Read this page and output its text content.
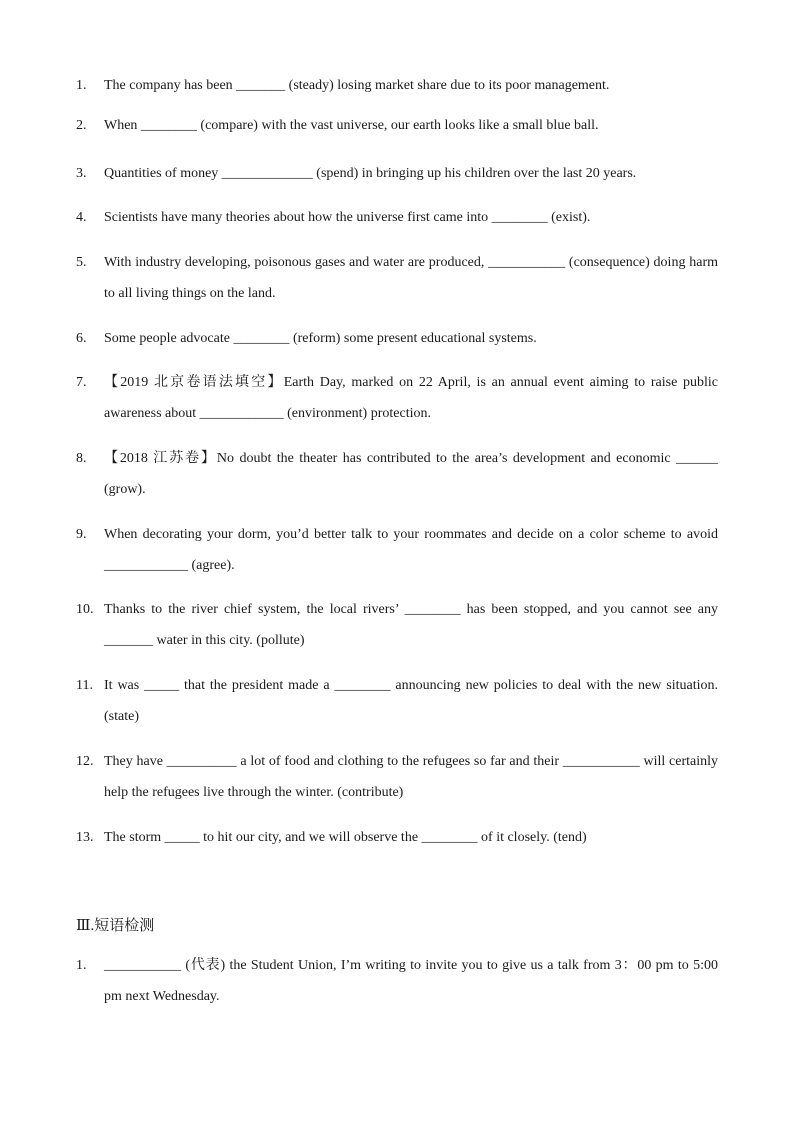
1.	The company has been _______ (steady) losing market share due to its poor management.
2.	When ________ (compare) with the vast universe, our earth looks like a small blue ball.
3.	Quantities of money _____________ (spend) in bringing up his children over the last 20 years.
4.	Scientists have many theories about how the universe first came into ________ (exist).
5.	With industry developing, poisonous gases and water are produced, ___________ (consequence) doing harm to all living things on the land.
6.	Some people advocate ________ (reform) some present educational systems.
7.	【2019 北京卷语法填空】Earth Day, marked on 22 April, is an annual event aiming to raise public awareness about ____________ (environment) protection.
8.	【2018 江苏卷】No doubt the theater has contributed to the area’s development and economic ______ (grow).
9.	When decorating your dorm, you’d better talk to your roommates and decide on a color scheme to avoid ____________ (agree).
10. Thanks to the river chief system, the local rivers’ ________ has been stopped, and you cannot see any _______ water in this city. (pollute)
11. It was _____ that the president made a ________ announcing new policies to deal with the new situation. (state)
12. They have __________ a lot of food and clothing to the refugees so far and their ___________ will certainly help the refugees live through the winter. (contribute)
13. The storm _____ to hit our city, and we will observe the ________ of it closely. (tend)
Ⅲ.短语检测
1.	___________ (代表) the Student Union, I’m writing to invite you to give us a talk from 3：00 pm to 5:00 pm next Wednesday.
